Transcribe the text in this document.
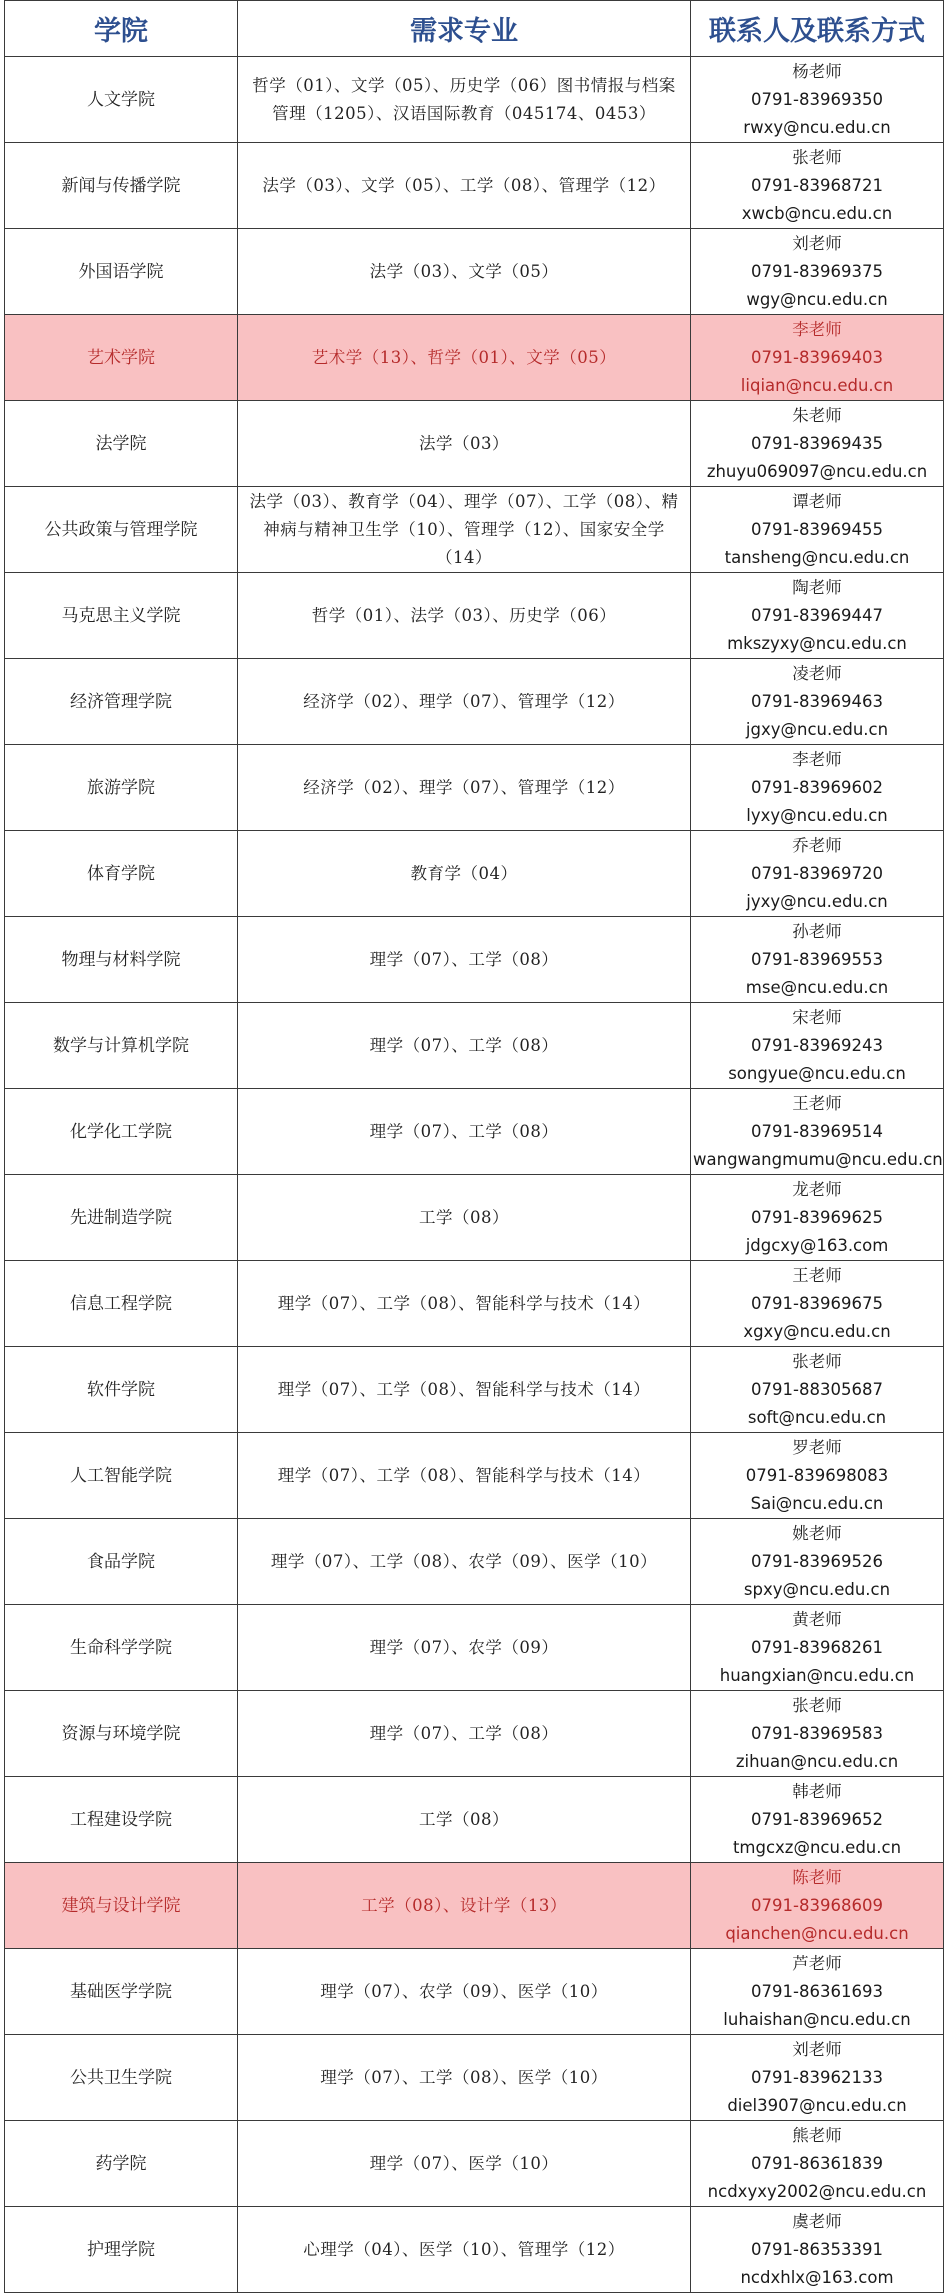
学院	需求专业	联系人及联系方式
人文学院	哲学（01）、文学（05）、历史学（06）图书情报与档案管理（1205）、汉语国际教育（045174、0453）	杨老师
0791-83969350
rwxy@ncu.edu.cn

新闻与传播学院	法学（03）、文学（05）、工学（08）、管理学（12）	张老师
0791-83968721
xwcb@ncu.edu.cn

外国语学院	法学（03）、文学（05）	刘老师
0791-83969375
wgy@ncu.edu.cn

艺术学院	艺术学（13）、哲学（01）、文学（05）	李老师
0791-83969403
liqian@ncu.edu.cn

法学院	法学（03）	朱老师
0791-83969435
zhuyu069097@ncu.edu.cn

公共政策与管理学院	法学（03）、教育学（04）、理学（07）、工学（08）、精神病与精神卫生学（10）、管理学（12）、国家安全学（14）	谭老师
0791-83969455
tansheng@ncu.edu.cn

马克思主义学院	哲学（01）、法学（03）、历史学（06）	陶老师
0791-83969447
mkszyxy@ncu.edu.cn

经济管理学院	经济学（02）、理学（07）、管理学（12）	凌老师
0791-83969463
jgxy@ncu.edu.cn

旅游学院	经济学（02）、理学（07）、管理学（12）	李老师
0791-83969602
lyxy@ncu.edu.cn

体育学院	教育学（04）	乔老师
0791-83969720
jyxy@ncu.edu.cn

物理与材料学院	理学（07）、工学（08）	孙老师
0791-83969553
mse@ncu.edu.cn

数学与计算机学院	理学（07）、工学（08）	宋老师
0791-83969243
songyue@ncu.edu.cn

化学化工学院	理学（07）、工学（08）	王老师
0791-83969514
wangwangmumu@ncu.edu.cn

先进制造学院	工学（08）	龙老师
0791-83969625
jdgcxy@163.com

信息工程学院	理学（07）、工学（08）、智能科学与技术（14）	王老师
0791-83969675
xgxy@ncu.edu.cn

软件学院	理学（07）、工学（08）、智能科学与技术（14）	张老师
0791-88305687
soft@ncu.edu.cn

人工智能学院	理学（07）、工学（08）、智能科学与技术（14）	罗老师
0791-839698083
Sai@ncu.edu.cn

食品学院	理学（07）、工学（08）、农学（09）、医学（10）	姚老师
0791-83969526
spxy@ncu.edu.cn

生命科学学院	理学（07）、农学（09）	黄老师
0791-83968261
huangxian@ncu.edu.cn

资源与环境学院	理学（07）、工学（08）	张老师
0791-83969583
zihuan@ncu.edu.cn

工程建设学院	工学（08）	韩老师
0791-83969652
tmgcxz@ncu.edu.cn

建筑与设计学院	工学（08）、设计学（13）	陈老师
0791-83968609
qianchen@ncu.edu.cn

基础医学学院	理学（07）、农学（09）、医学（10）	芦老师
0791-86361693
luhaishan@ncu.edu.cn

公共卫生学院	理学（07）、工学（08）、医学（10）	刘老师
0791-83962133
diel3907@ncu.edu.cn

药学院	理学（07）、医学（10）	熊老师
0791-86361839
ncdxyxy2002@ncu.edu.cn

护理学院	心理学（04）、医学（10）、管理学（12）	虞老师
0791-86353391
ncdxhlx@163.com
